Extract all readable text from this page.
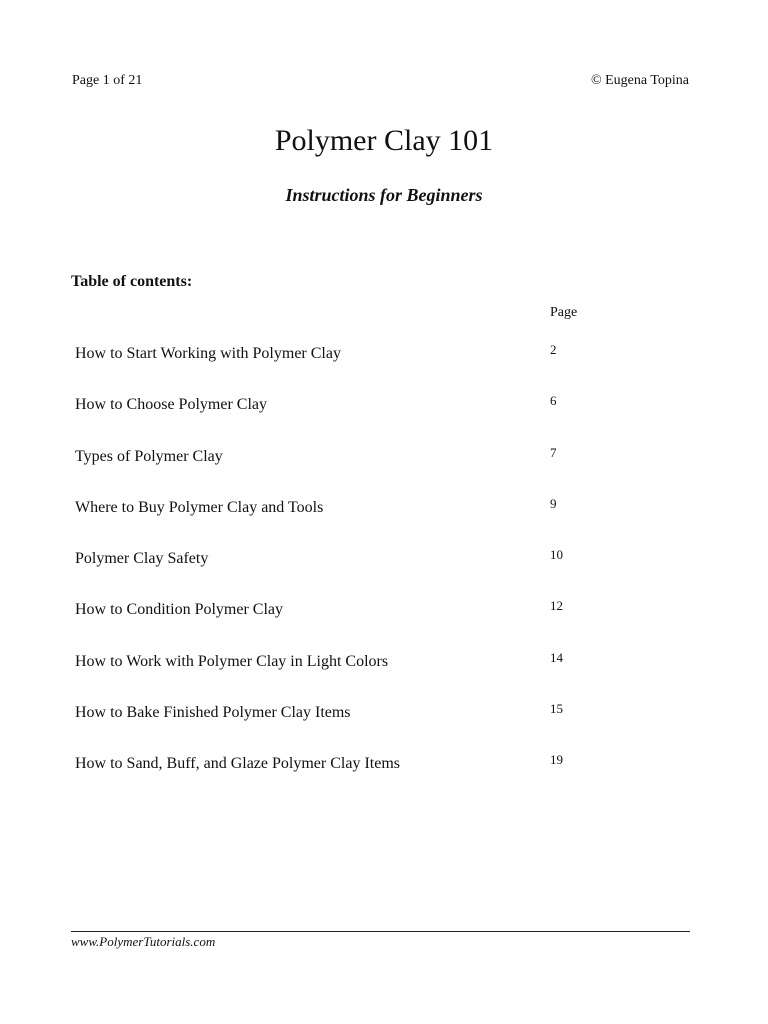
Page 1 of 21	© Eugena Topina
Polymer Clay 101
Instructions for Beginners
Table of contents:
Page
How to Start Working with Polymer Clay	2
How to Choose Polymer Clay	6
Types of Polymer Clay	7
Where to Buy Polymer Clay and Tools	9
Polymer Clay Safety	10
How to Condition Polymer Clay	12
How to Work with Polymer Clay in Light Colors	14
How to Bake Finished Polymer Clay Items	15
How to Sand, Buff, and Glaze Polymer Clay Items	19
www.PolymerTutorials.com
